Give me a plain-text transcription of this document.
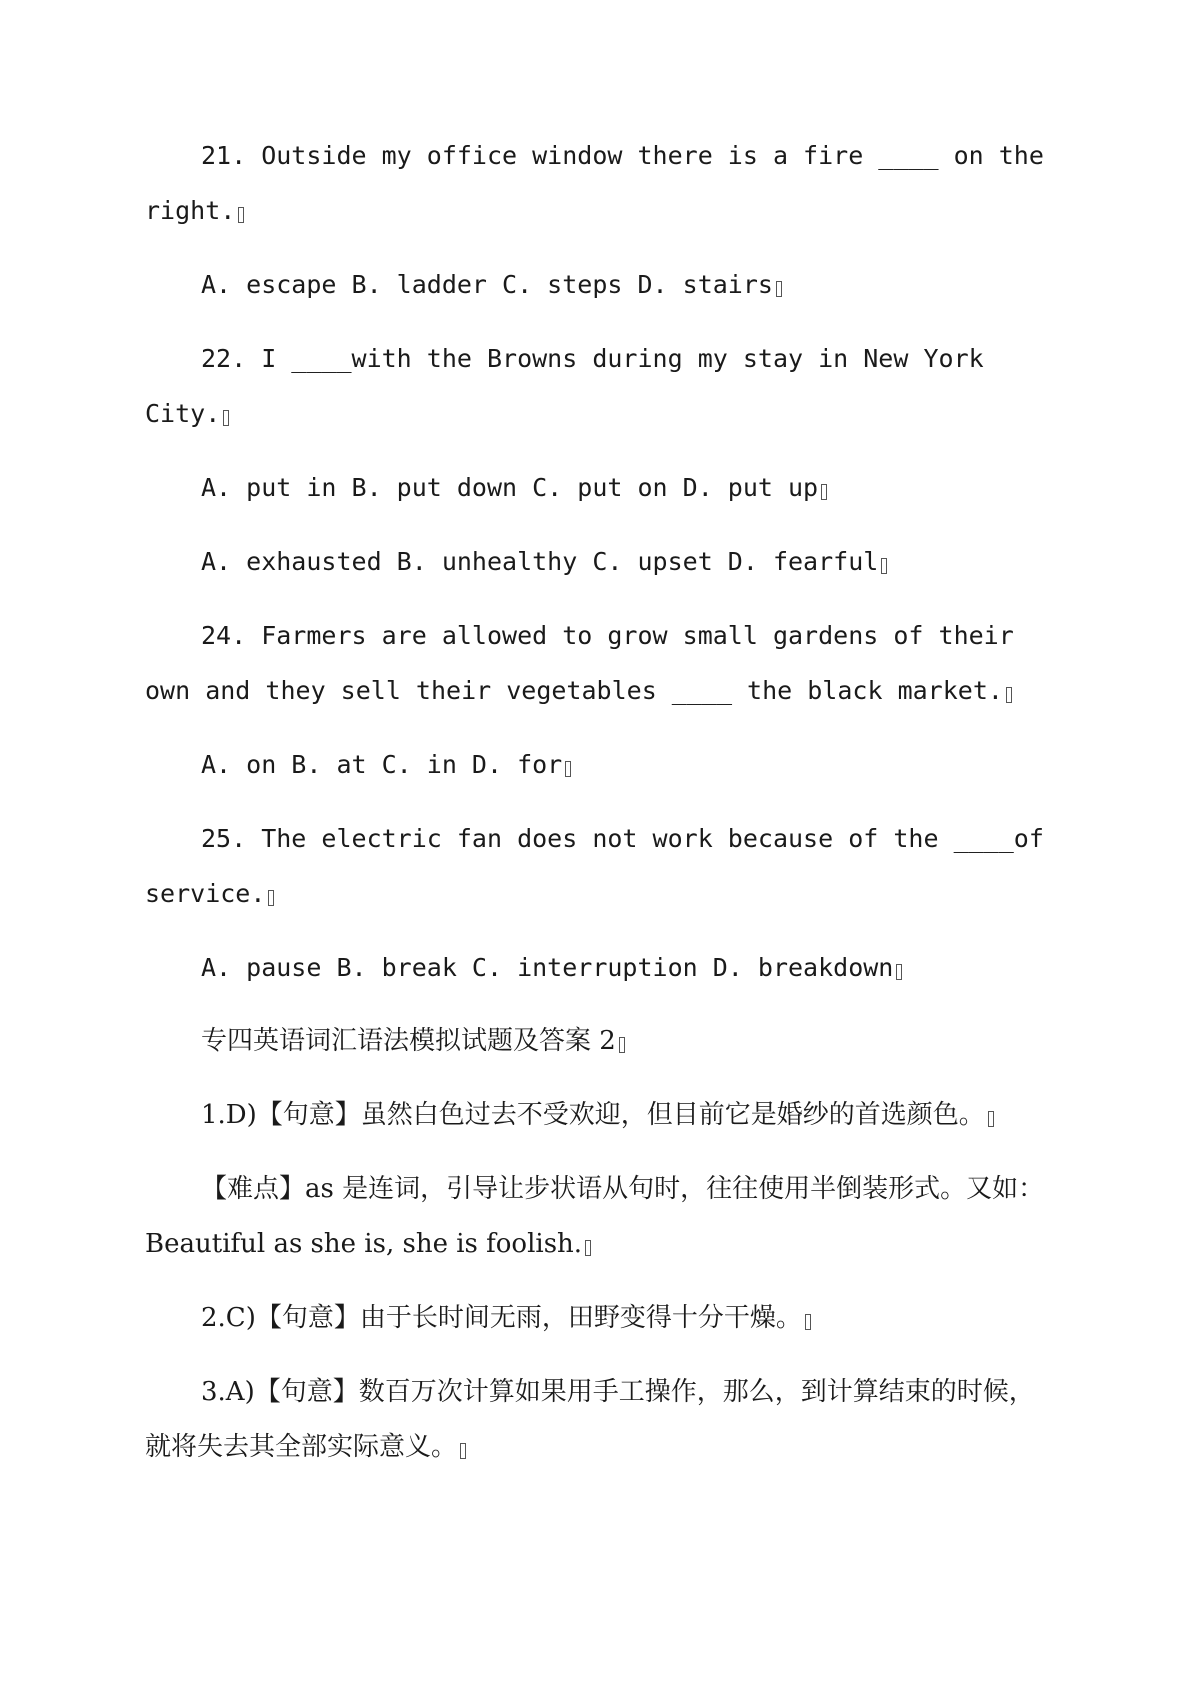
21. Outside my office window there is a fire ____ on the right.

A. escape B. ladder C. steps D. stairs

22. I ____with the Browns during my stay in New York City.

A. put in B. put down C. put on D. put up

A. exhausted B. unhealthy C. upset D. fearful

24. Farmers are allowed to grow small gardens of their own and they sell their vegetables ____ the black market.

A. on B. at C. in D. for

25. The electric fan does not work because of the ____of service.

A. pause B. break C. interruption D. breakdown

专四英语词汇语法模拟试题及答案 2

1.D)【句意】虽然白色过去不受欢迎，但目前它是婚纱的首选颜色。

【难点】as 是连词，引导让步状语从句时，往往使用半倒装形式。又如：Beautiful as she is, she is foolish.

2.C)【句意】由于长时间无雨，田野变得十分干燥。

3.A)【句意】数百万次计算如果用手工操作，那么，到计算结束的时候，就将失去其全部实际意义。
